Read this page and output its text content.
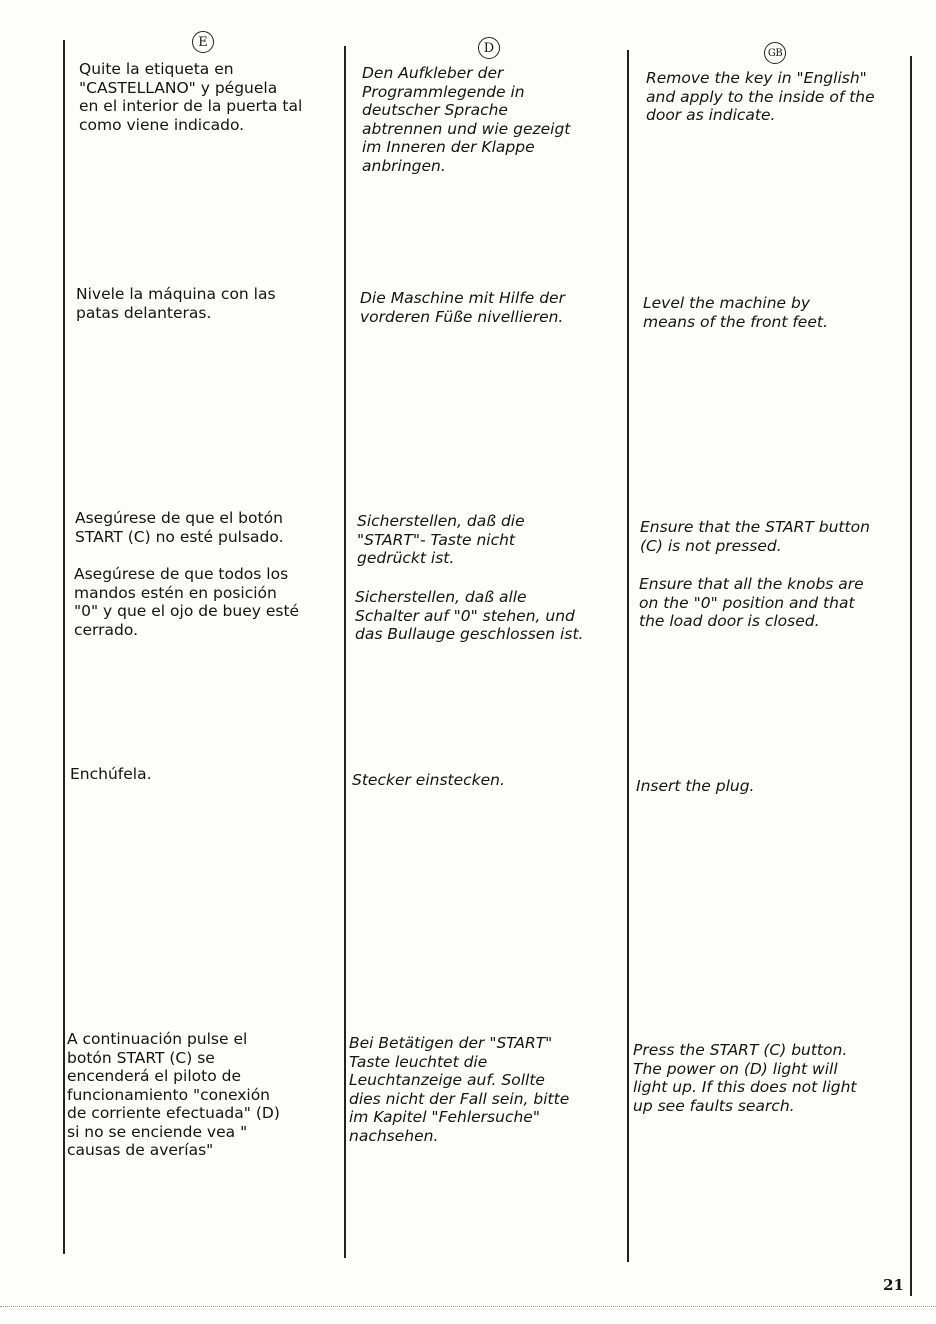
E
Quite la etiqueta en
"CASTELLANO" y péguela
en el interior de la puerta tal
como viene indicado.
Nivele la máquina con las
patas delanteras.
Asegúrese de que el botón
START (C) no esté pulsado.
Asegúrese de que todos los
mandos estén en posición
"0" y que el ojo de buey esté
cerrado.
Enchúfela.
A continuación pulse el
botón START (C) se
encenderá el piloto de
funcionamiento "conexión
de corriente efectuada" (D)
si no se enciende vea "
causas de averías"
D
Den Aufkleber der
Programmlegende in
deutscher Sprache
abtrennen und wie gezeigt
im Inneren der Klappe
anbringen.
Die Maschine mit Hilfe der
vorderen Füße nivellieren.
Sicherstellen, daß die
"START"- Taste nicht
gedrückt ist.
Sicherstellen, daß alle
Schalter auf "0" stehen, und
das Bullauge geschlossen ist.
Stecker einstecken.
Bei Betätigen der "START"
Taste leuchtet die
Leuchtanzeige auf. Sollte
dies nicht der Fall sein, bitte
im Kapitel "Fehlersuche"
nachsehen.
GB
Remove the key in "English"
and apply to the inside of the
door as indicate.
Level the machine by
means of the front feet.
Ensure that the START button
(C) is not pressed.
Ensure that all the knobs are
on the "0" position and that
the load door is closed.
Insert the plug.
Press the START (C) button.
The power on (D) light will
light up. If this does not light
up see faults search.
21
